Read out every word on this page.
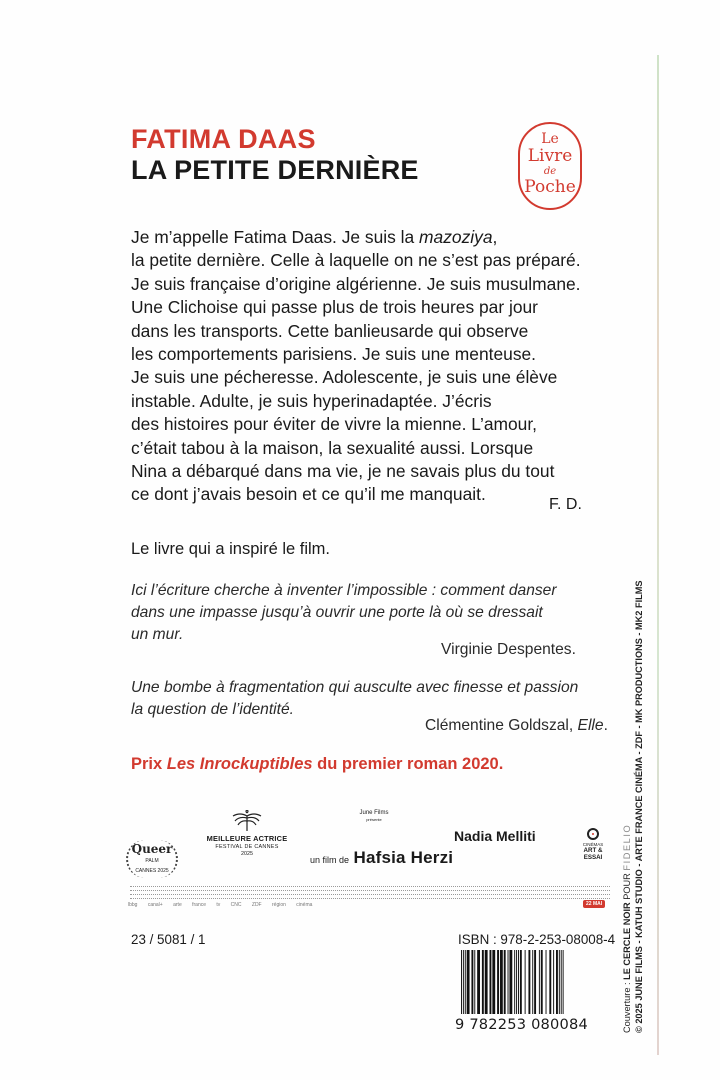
FATIMA DAAS
LA PETITE DERNIÈRE
Le
Livre
de
Poche
Je m’appelle Fatima Daas. Je suis la mazoziya,
la petite dernière. Celle à laquelle on ne s’est pas préparé.
Je suis française d’origine algérienne. Je suis musulmane.
Une Clichoise qui passe plus de trois heures par jour
dans les transports. Cette banlieusarde qui observe
les comportements parisiens. Je suis une menteuse.
Je suis une pécheresse. Adolescente, je suis une élève
instable. Adulte, je suis hyperinadaptée. J’écris
des histoires pour éviter de vivre la mienne. L’amour,
c’était tabou à la maison, la sexualité aussi. Lorsque
Nina a débarqué dans ma vie, je ne savais plus du tout
ce dont j’avais besoin et ce qu’il me manquait.
F. D.
Le livre qui a inspiré le film.
Ici l’écriture cherche à inventer l’impossible : comment danser
dans une impasse jusqu’à ouvrir une porte là où se dressait
un mur.
Virginie Despentes.
Une bombe à fragmentation qui ausculte avec finesse et passion
la question de l’identité.
Clémentine Goldszal, Elle.
Prix Les Inrockuptibles du premier roman 2020.
Queer
PALM
CANNES 2025
MEILLEURE ACTRICE
FESTIVAL DE CANNES
2025
June Films
présente
un film de Hafsia Herzi
Nadia Melliti
CINÉMAS
ART & ESSAI
lbbg canal+ arte france tv CNC ZDF région cinéma	22 MAI
23 / 5081 / 1	ISBN : 978-2-253-08008-4
9 782253 080084	Couverture : LE CERCLE NOIR POUR FIDELIO © 2025 JUNE FILMS - KATUH STUDIO - ARTE FRANCE CINÉMA - ZDF - MK PRODUCTIONS - MK2 FILMS
